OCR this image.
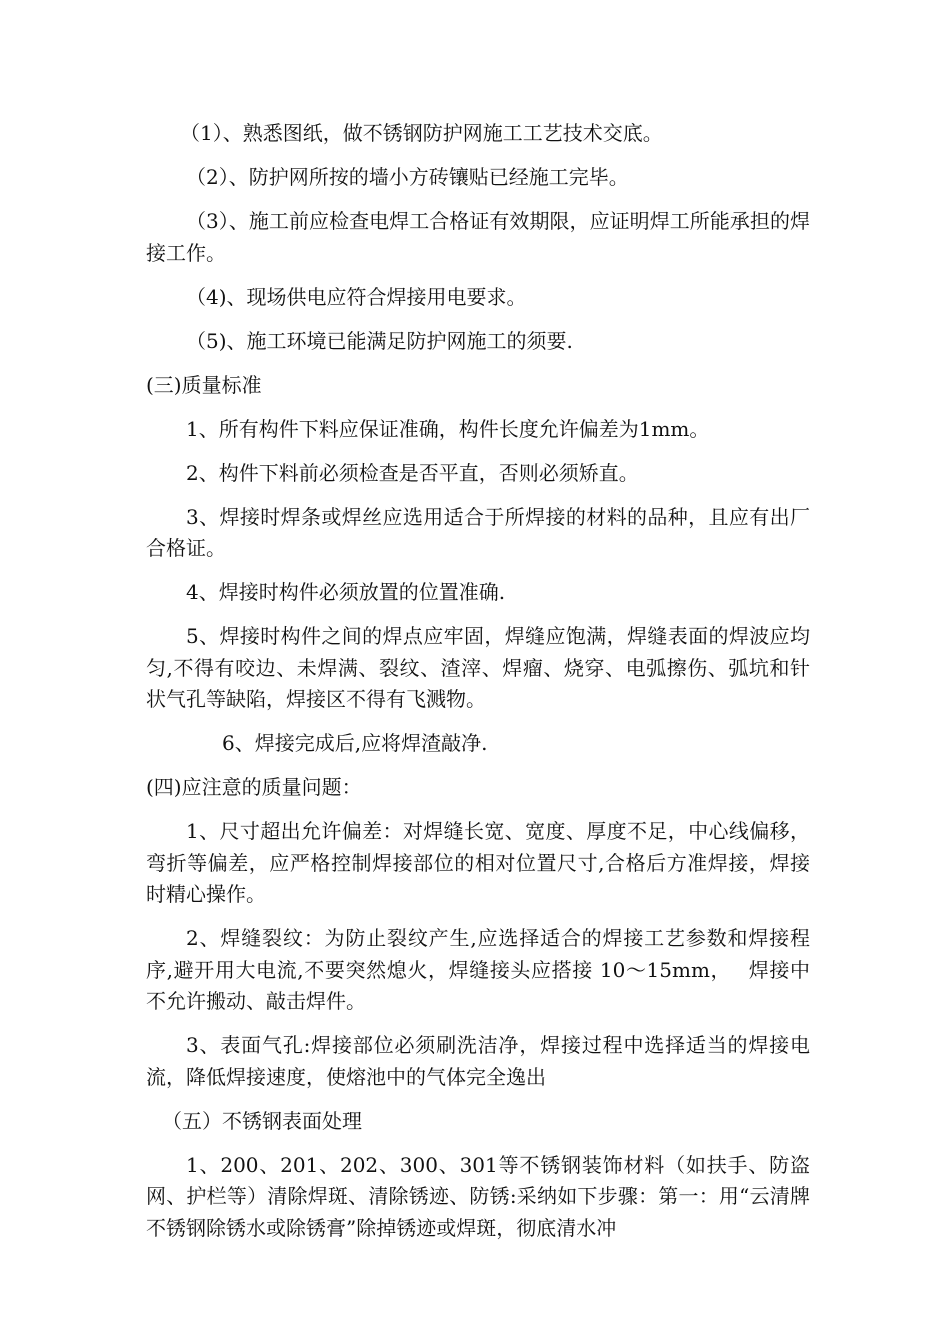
（1）、熟悉图纸，做不锈钢防护网施工工艺技术交底。

（2）、防护网所按的墙小方砖镶贴已经施工完毕。

（3）、施工前应检查电焊工合格证有效期限，应证明焊工所能承担的焊接工作。

（4)、现场供电应符合焊接用电要求。

（5)、施工环境已能满足防护网施工的须要.

(三)质量标准

1、所有构件下料应保证准确，构件长度允许偏差为1mm。

2、构件下料前必须检查是否平直，否则必须矫直。

3、焊接时焊条或焊丝应选用适合于所焊接的材料的品种，且应有出厂合格证。

4、焊接时构件必须放置的位置准确.

5、焊接时构件之间的焊点应牢固，焊缝应饱满，焊缝表面的焊波应均匀,不得有咬边、未焊满、裂纹、渣滓、焊瘤、烧穿、电弧擦伤、弧坑和针状气孔等缺陷，焊接区不得有飞溅物。

6、焊接完成后,应将焊渣敲净.

(四)应注意的质量问题：

1、尺寸超出允许偏差：对焊缝长宽、宽度、厚度不足，中心线偏移，弯折等偏差，应严格控制焊接部位的相对位置尺寸,合格后方准焊接，焊接时精心操作。

2、焊缝裂纹：为防止裂纹产生,应选择适合的焊接工艺参数和焊接程序,避开用大电流,不要突然熄火，焊缝接头应搭接 10～15mm，　 焊接中不允许搬动、敲击焊件。

3、表面气孔:焊接部位必须刷洗洁净，焊接过程中选择适当的焊接电流，降低焊接速度，使熔池中的气体完全逸出

（五）不锈钢表面处理

1、200、201、202、300、301等不锈钢装饰材料（如扶手、防盗网、护栏等）清除焊斑、清除锈迹、防锈:采纳如下步骤：第一：用“云清牌不锈钢除锈水或除锈膏”除掉锈迹或焊斑，彻底清水冲
